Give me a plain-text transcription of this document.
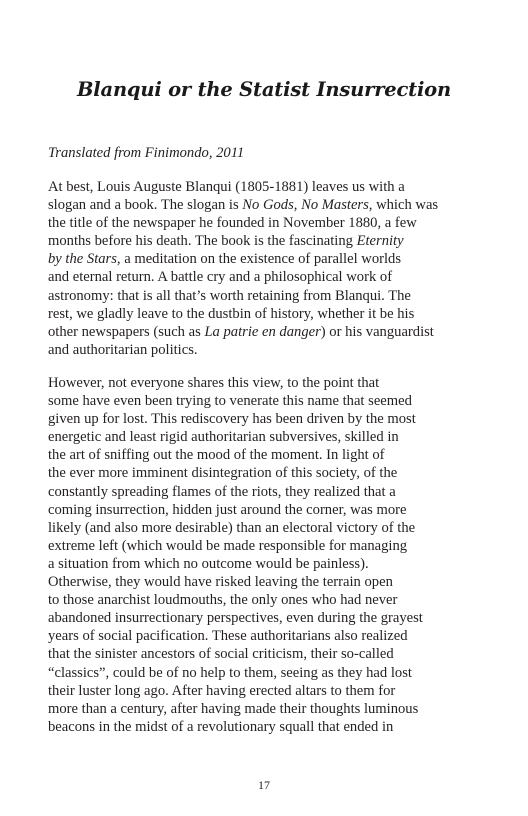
Blanqui or the Statist Insurrection

Translated from Finimondo, 2011

At best, Louis Auguste Blanqui (1805-1881) leaves us with a
slogan and a book. The slogan is No Gods, No Masters, which was
the title of the newspaper he founded in November 1880, a few
months before his death. The book is the fascinating Eternity
by the Stars, a meditation on the existence of parallel worlds
and eternal return. A battle cry and a philosophical work of
astronomy: that is all that’s worth retaining from Blanqui. The
rest, we gladly leave to the dustbin of history, whether it be his
other newspapers (such as La patrie en danger) or his vanguardist
and authoritarian politics.

However, not everyone shares this view, to the point that
some have even been trying to venerate this name that seemed
given up for lost. This rediscovery has been driven by the most
energetic and least rigid authoritarian subversives, skilled in
the art of sniffing out the mood of the moment. In light of
the ever more imminent disintegration of this society, of the
constantly spreading flames of the riots, they realized that a
coming insurrection, hidden just around the corner, was more
likely (and also more desirable) than an electoral victory of the
extreme left (which would be made responsible for managing
a situation from which no outcome would be painless).
Otherwise, they would have risked leaving the terrain open
to those anarchist loudmouths, the only ones who had never
abandoned insurrectionary perspectives, even during the grayest
years of social pacification. These authoritarians also realized
that the sinister ancestors of social criticism, their so-called
“classics”, could be of no help to them, seeing as they had lost
their luster long ago. After having erected altars to them for
more than a century, after having made their thoughts luminous
beacons in the midst of a revolutionary squall that ended in

17
